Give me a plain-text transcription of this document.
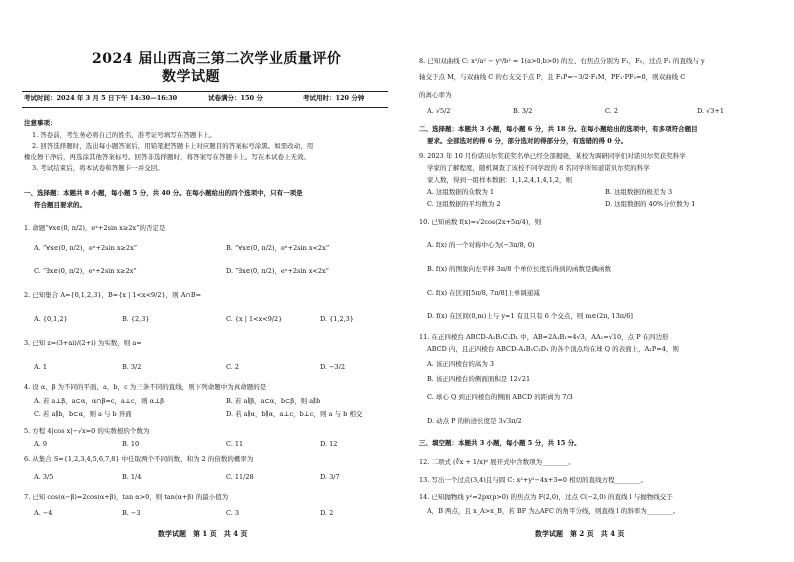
2024 届山西高三第二次学业质量评价
数学试题
考试时间：2024 年 3 月 5 日下午 14:30—16:30	试卷满分：150 分	考试用时：120 分钟
注意事项：
1. 答卷前，考生务必将自己的姓名、准考证号填写在答题卡上。
2. 回答选择题时，选出每小题答案后，用铅笔把答题卡上对应题目的答案标号涂黑。如需改动，用
橡皮擦干净后，再选涂其他答案标号。回答非选择题时，将答案写在答题卡上。写在本试卷上无效。
3. 考试结束后，将本试卷和答题卡一并交回。
一、选择题：本题共 8 小题，每小题 5 分，共 40 分。在每小题给出的四个选项中，只有一项是
符合题目要求的。
1. 命题“∀x∈(0, π/2)，eˣ+2sin x≥2x”的否定是
A. “∀x∈(0, π/2)，eˣ+2sin x≥2x”	B. “∀x∈(0, π/2)，eˣ+2sin x<2x”
C. “∃x∈(0, π/2)，eˣ+2sin x≥2x”	D. “∃x∈(0, π/2)，eˣ+2sin x<2x”
2. 已知集合 A={0,1,2,3}，B={x | 1<x<9/2}，则 A∩B=
A. {0,1,2}	B. {2,3}	C. {x | 1<x<9/2}	D. {1,2,3}
3. 已知 z=(3+ai)/(2+i) 为实数，则 a=
A. 1	B. 3/2	C. 2	D. −3/2
4. 设 α，β 为不同的平面，a，b，c 为三条不同的直线，则下列命题中为真命题的是
A. 若 a⊥β，a⊂α，α∩β=c，a⊥c，则 α⊥β	B. 若 a∥β，a⊂α，b⊂β，则 a∥b
C. 若 a∥b，b⊂α，则 a 与 b 异面	D. 若 a∥α，b∥α，a⊥c，b⊥c，则 a 与 b 相交
5. 方程 4|cos x|−√x=0 的实数根的个数为
A. 9	B. 10	C. 11	D. 12
6. 从集合 S={1,2,3,4,5,6,7,8} 中任取两个不同的数，和为 2 的倍数的概率为
A. 3/5	B. 1/4	C. 11/28	D. 3/7
7. 已知 cos(α−β)=2cos(α+β)，tan α>0，则 tan(α+β) 的最小值为
A. −4	B. −3	C. 3	D. 2
数学试题　第 1 页　共 4 页
8. 已知双曲线 C: x²/a² − y²/b² = 1(a>0,b>0) 的左、右焦点分别为 F₁，F₂，过点 F₁ 的直线与 y
轴交于点 M，与双曲线 C 的右支交于点 P，且 F₁P=−3/2·F₁M，PF₁·PF₂=0，则双曲线 C
的离心率为
A. √5/2	B. 3/2	C. 2	D. √3+1
二、选择题：本题共 3 小题，每小题 6 分，共 18 分。在每小题给出的选项中，有多项符合题目
要求。全部选对的得 6 分，部分选对的得部分分，有选错的得 0 分。
9. 2023 年 10 月份诺贝尔奖获奖名单已经全部揭晓，某校为调研同学们对诺贝尔奖获奖科学
学家的了解程度，随机调查了该校不同学段的 8 名同学所知道诺贝尔奖的科学
家人数，得到一组样本数据：1,1,2,4,1,4,1,2，则
A. 这组数据的众数为 1	B. 这组数据的极差为 3
C. 这组数据的平均数为 2	D. 这组数据的 40%分位数为 1
10. 已知函数 f(x)=√2cos(2x+5π/4)，则
A. f(x) 的一个对称中心为(−3π/8, 0)
B. f(x) 的图象向左平移 3π/8 个单位长度后得到的函数是偶函数
C. f(x) 在区间[5π/8, 7π/8]上单调递减
D. f(x) 在区间(0,m)上与 y=1 有且只有 6 个交点，则 m∈(2π, 13π/6]
11. 在正四棱台 ABCD-A₁B₁C₁D₁ 中，AB=2A₁B₁=4√3，AA₁=√10，点 P 在四边形
ABCD 内，且正四棱台 ABCD-A₁B₁C₁D₁ 的各个顶点均在球 Q 的表面上，A₁P=4，则
A. 该正四棱台的高为 3
B. 该正四棱台的侧面面积是 12√21
C. 球心 Q 到正四棱台的侧面 ABCD 的距离为 7/3
D. 动点 P 的轨迹长度是 3√3π/2
三、填空题：本题共 3 小题，每小题 5 分，共 15 分。
12. 二项式 (∛x + 1/x)⁶ 展开式中含数项为________。
13. 写出一个过点(3,4)且与圆 C: x²+y²−4x+3=0 相切的直线方程________。
14. 已知抛物线 y²=2px(p>0) 的焦点为 F(2,0)，过点 C(−2,0) 的直线 l 与抛物线交于
A，B 两点，且 x_A>x_B，若 BF 为△AFC 的角平分线，则直线 l 的斜率为________。
数学试题　第 2 页　共 4 页
